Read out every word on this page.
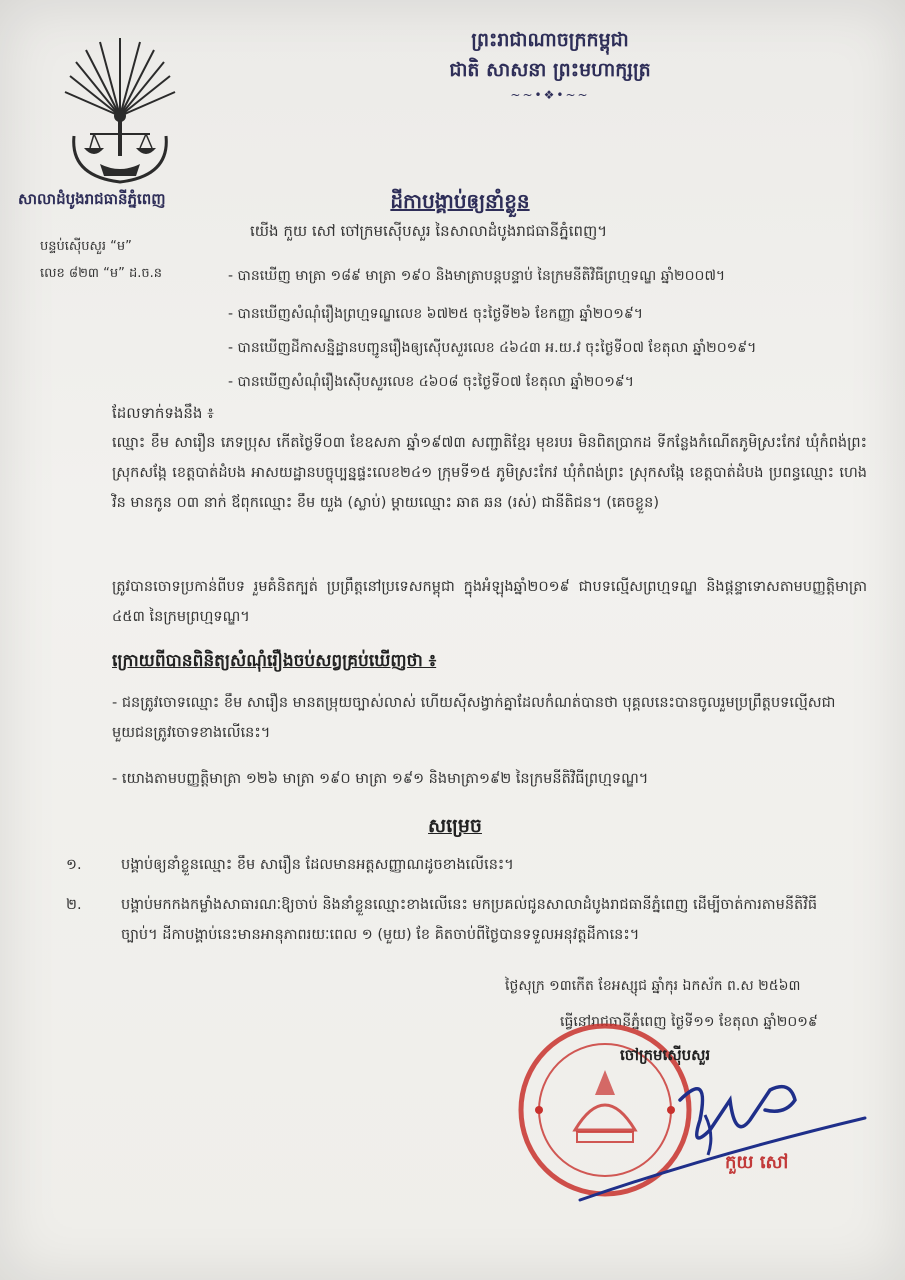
ព្រះរាជាណាចក្រកម្ពុជា
ជាតិ សាសនា ព្រះមហាក្សត្រ
~~•❖•~~
សាលាដំបូងរាជធានីភ្នំពេញ
បន្ទប់ស៊ើបសួរ “ម”
លេខ ៨២៣ “ម” ដ.ច.ន
ដីកាបង្គាប់ឲ្យនាំខ្លួន
យើង កួយ សៅ ចៅក្រមស៊ើបសួរ នៃសាលាដំបូងរាជធានីភ្នំពេញ។
- បានឃើញ មាត្រា ១៨៩ មាត្រា ១៩០ និងមាត្រាបន្តបន្ទាប់ នៃក្រមនីតិវិធីព្រហ្មទណ្ឌ ឆ្នាំ២០០៧។
- បានឃើញសំណុំរឿងព្រហ្មទណ្ឌលេខ ៦៧២៥ ចុះថ្ងៃទី២៦ ខែកញ្ញា ឆ្នាំ២០១៩។
- បានឃើញដីកាសន្និដ្ឋានបញ្ជូនរឿងឲ្យស៊ើបសួរលេខ ៤៦៤៣ អ.យ.វ ចុះថ្ងៃទី០៧ ខែតុលា ឆ្នាំ២០១៩។
- បានឃើញសំណុំរឿងស៊ើបសួរលេខ ៤៦០៨ ចុះថ្ងៃទី០៧ ខែតុលា ឆ្នាំ២០១៩។
ដែលទាក់ទងនឹង ៖
ឈ្មោះ ខឹម សារឿន ភេទប្រុស កើតថ្ងៃទី០៣ ខែឧសភា ឆ្នាំ១៩៧៣ សញ្ជាតិខ្មែរ មុខរបរ មិនពិតប្រាកដ ទីកន្លែងកំណើតភូមិស្រះកែវ ឃុំកំពង់ព្រះ ស្រុកសង្កែ ខេត្តបាត់ដំបង អាសយដ្ឋានបច្ចុប្បន្នផ្ទះលេខ២៤១ ក្រុមទី១៥ ភូមិស្រះកែវ ឃុំកំពង់ព្រះ ស្រុកសង្កែ ខេត្តបាត់ដំបង ប្រពន្ធឈ្មោះ ហេង វិន មានកូន ០៣ នាក់ ឪពុកឈ្មោះ ខឹម យួង (ស្លាប់) ម្តាយឈ្មោះ ឆាត ឆន (រស់) ជានីតិជន។ (គេចខ្លួន)
ត្រូវបានចោទប្រកាន់ពីបទ រួមគំនិតក្បត់ ប្រព្រឹត្តនៅប្រទេសកម្ពុជា ក្នុងអំឡុងឆ្នាំ២០១៩ ជាបទល្មើសព្រហ្មទណ្ឌ និងផ្តន្ទាទោសតាមបញ្ញត្តិមាត្រា ៤៥៣ នៃក្រមព្រហ្មទណ្ឌ។
ក្រោយពីបានពិនិត្យសំណុំរឿងចប់សព្វគ្រប់ឃើញថា ៖
- ជនត្រូវចោទឈ្មោះ ខឹម សារឿន មានតម្រុយច្បាស់លាស់ ហើយស៊ីសង្វាក់គ្នាដែលកំណត់បានថា បុគ្គលនេះបានចូលរួមប្រព្រឹត្តបទល្មើសជាមួយជនត្រូវចោទខាងលើនេះ។
- យោងតាមបញ្ញត្តិមាត្រា ១២៦ មាត្រា ១៩០ មាត្រា ១៩១ និងមាត្រា១៩២ នៃក្រមនីតិវិធីព្រហ្មទណ្ឌ។
សម្រេច
១.	បង្គាប់ឲ្យនាំខ្លួនឈ្មោះ ខឹម សារឿន ដែលមានអត្តសញ្ញាណដូចខាងលើនេះ។
២.	បង្គាប់មកកងកម្លាំងសាធារណៈឱ្យចាប់ និងនាំខ្លួនឈ្មោះខាងលើនេះ មកប្រគល់ជូនសាលាដំបូងរាជធានីភ្នំពេញ ដើម្បីចាត់ការតាមនីតិវិធីច្បាប់។ ដីកាបង្គាប់នេះមានអានុភាពរយៈពេល ១ (មួយ) ខែ គិតចាប់ពីថ្ងៃបានទទួលអនុវត្តដីកានេះ។
ថ្ងៃសុក្រ ១៣កើត ខែអស្សុជ ឆ្នាំកុរ ឯកស័ក ព.ស ២៥៦៣
ធ្វើនៅរាជធានីភ្នំពេញ ថ្ងៃទី១១ ខែតុលា ឆ្នាំ២០១៩
ចៅក្រមស៊ើបសួរ
កួយ សៅ
